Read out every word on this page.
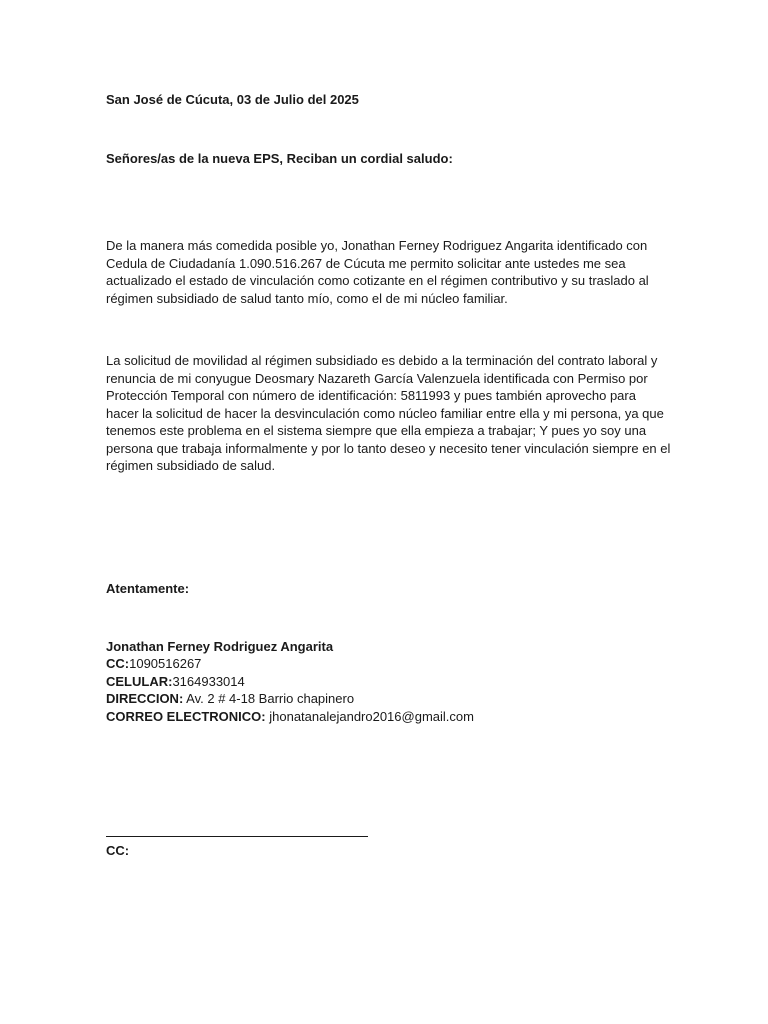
San José de Cúcuta, 03 de Julio del 2025
Señores/as de la nueva EPS, Reciban un cordial saludo:
De la manera más comedida posible yo, Jonathan Ferney Rodriguez Angarita identificado con
Cedula de Ciudadanía 1.090.516.267 de Cúcuta me permito solicitar ante ustedes me sea
actualizado el estado de vinculación como cotizante en el régimen contributivo y su traslado al
régimen subsidiado de salud tanto mío, como el de mi núcleo familiar.
La solicitud de movilidad al régimen subsidiado es debido a la terminación del contrato laboral y
renuncia de mi conyugue Deosmary Nazareth García Valenzuela identificada con Permiso por
Protección Temporal con número de identificación: 5811993 y pues también aprovecho para
hacer la solicitud de hacer la desvinculación como núcleo familiar entre ella y mi persona, ya que
tenemos este problema en el sistema siempre que ella empieza a trabajar; Y pues yo soy una
persona que trabaja informalmente y por lo tanto deseo y necesito tener vinculación siempre en el
régimen subsidiado de salud.
Atentamente:
Jonathan Ferney Rodriguez Angarita
CC:1090516267
CELULAR:3164933014
DIRECCION: Av. 2 # 4-18 Barrio chapinero
CORREO ELECTRONICO: jhonatanalejandro2016@gmail.com
CC:
